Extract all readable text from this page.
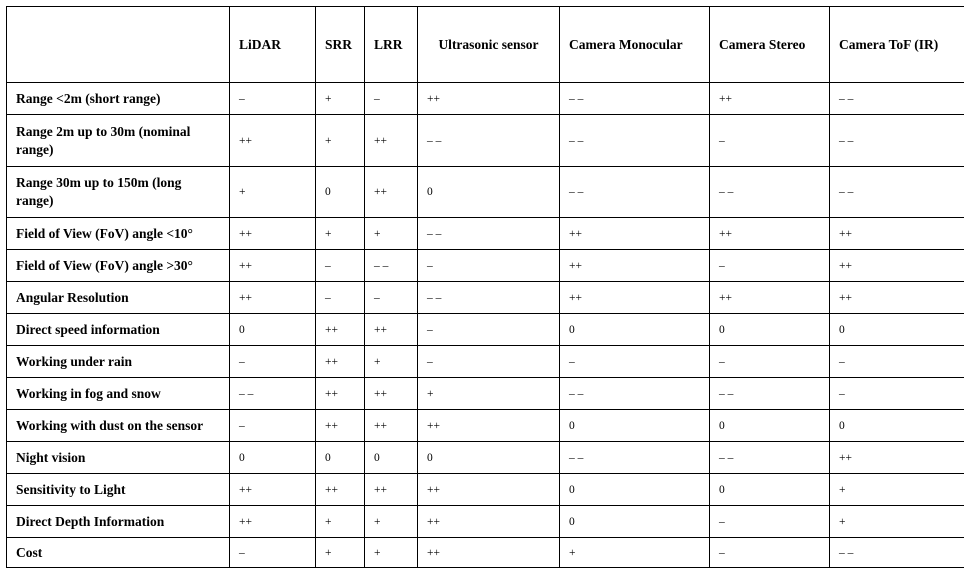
	LiDAR	SRR	LRR	Ultrasonic sensor	Camera Monocular	Camera Stereo	Camera ToF (IR)
Range <2m (short range)	–	+	–	++	– –	++	– –
Range 2m up to 30m (nominal range)	++	+	++	– –	– –	–	– –
Range 30m up to 150m (long range)	+	0	++	0	– –	– –	– –
Field of View (FoV) angle <10°	++	+	+	– –	++	++	++
Field of View (FoV) angle >30°	++	–	– –	–	++	–	++
Angular Resolution	++	–	–	– –	++	++	++
Direct speed information	0	++	++	–	0	0	0
Working under rain	–	++	+	–	–	–	–
Working in fog and snow	– –	++	++	+	– –	– –	–
Working with dust on the sensor	–	++	++	++	0	0	0
Night vision	0	0	0	0	– –	– –	++
Sensitivity to Light	++	++	++	++	0	0	+
Direct Depth Information	++	+	+	++	0	–	+
Cost	–	+	+	++	+	–	– –
